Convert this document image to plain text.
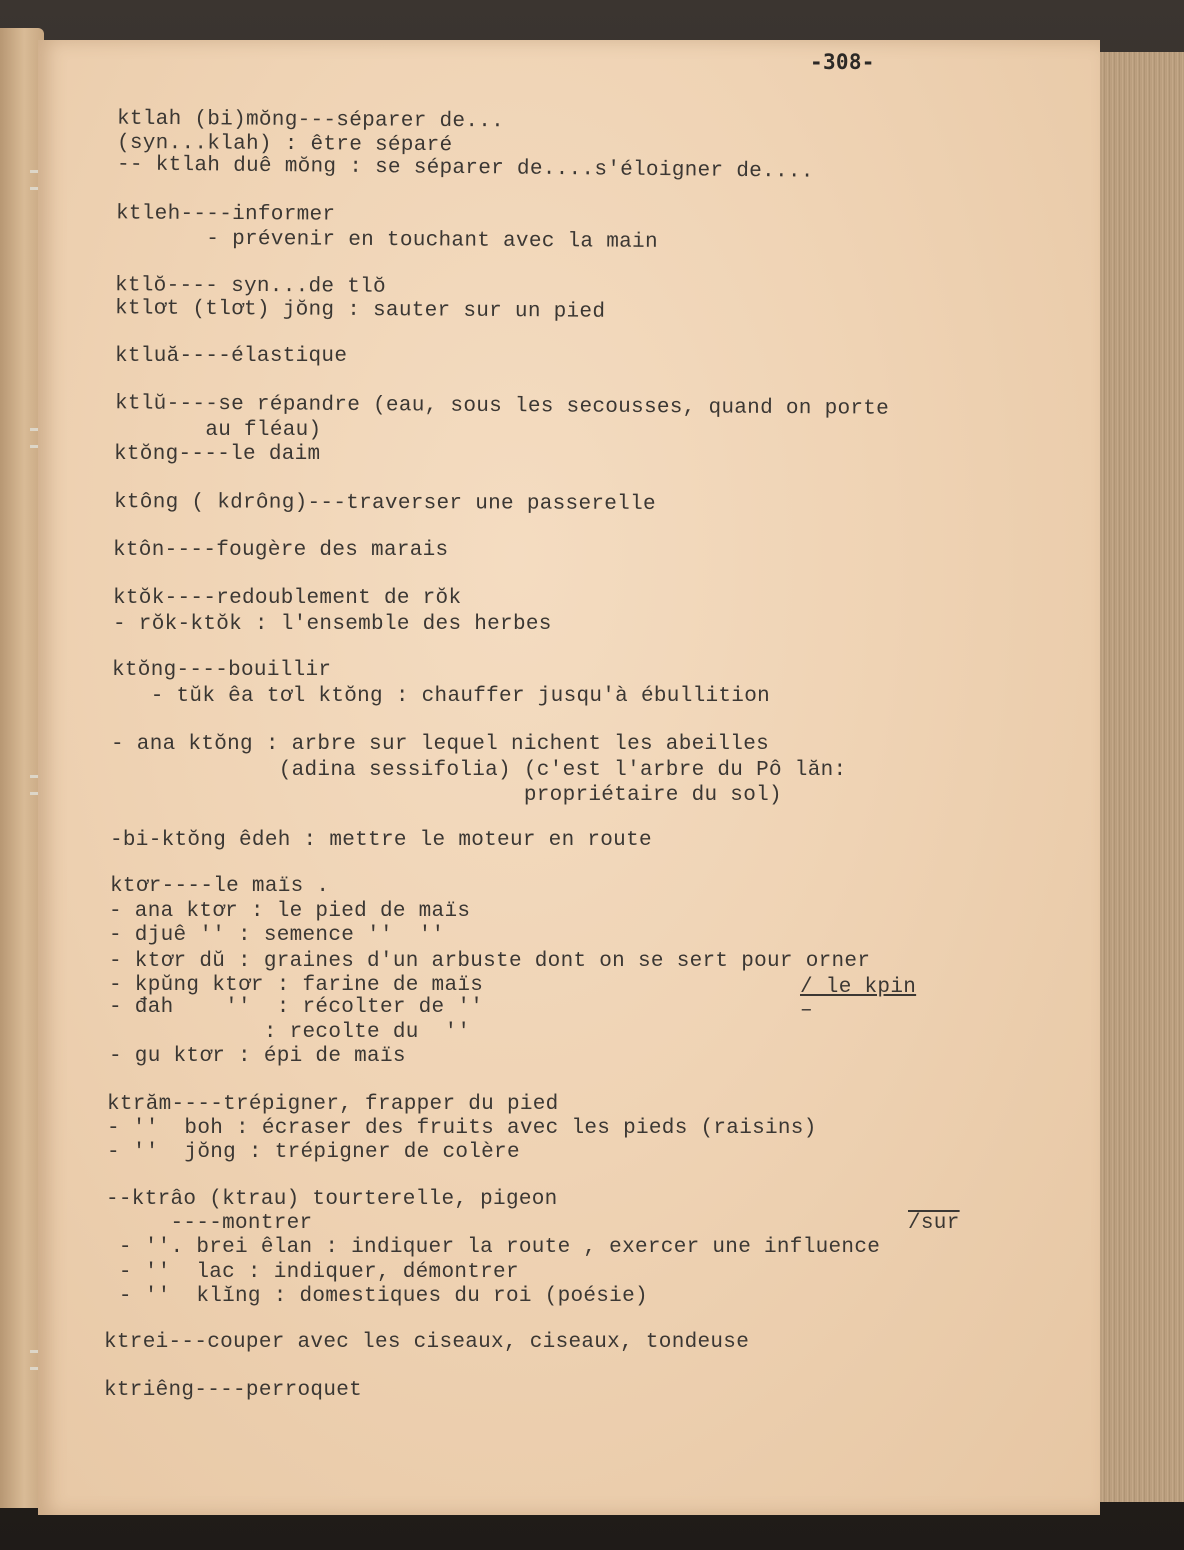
-308-
ktlah (bi)mŏng---séparer de...
(syn...klah) : être séparé
-- ktlah duê mŏng : se séparer de....s'éloigner de....
ktleh----informer
- prévenir en touchant avec la main
ktlŏ---- syn...de tlŏ
ktlơt (tlơt) jŏng : sauter sur un pied
ktluă----élastique
ktlŭ----se répandre (eau, sous les secousses, quand on porte
au fléau)
ktŏng----le daim
ktông ( kdrông)---traverser une passerelle
ktôn----fougère des marais
ktŏk----redoublement de rŏk
- rŏk-ktŏk : l'ensemble des herbes
ktŏng----bouillir
- tŭk êa tơl ktŏng : chauffer jusqu'à ébullition
- ana ktŏng : arbre sur lequel nichent les abeilles
(adina sessifolia) (c'est l'arbre du Pô lăn:
propriétaire du sol)
-bi-ktŏng êdeh : mettre le moteur en route
ktơr----le maïs .
- ana ktơr : le pied de maïs
- djuê '' : semence ''  ''
- ktơr dŭ : graines d'un arbuste dont on se sert pour orner
- kpŭng ktơr : farine de maïs	/ le kpin
- đah    ''  : récolter de ''	–
: recolte du  ''
- gu ktơr : épi de maïs
ktrăm----trépigner, frapper du pied
- ''  boh : écraser des fruits avec les pieds (raisins)
- ''  jŏng : trépigner de colère
--ktrâo (ktrau) tourterelle, pigeon
----montrer	/sur
- ''. brei êlan : indiquer la route , exercer une influence
- ''  lac : indiquer, démontrer
- ''  klĭng : domestiques du roi (poésie)
ktrei---couper avec les ciseaux, ciseaux, tondeuse
ktriêng----perroquet
